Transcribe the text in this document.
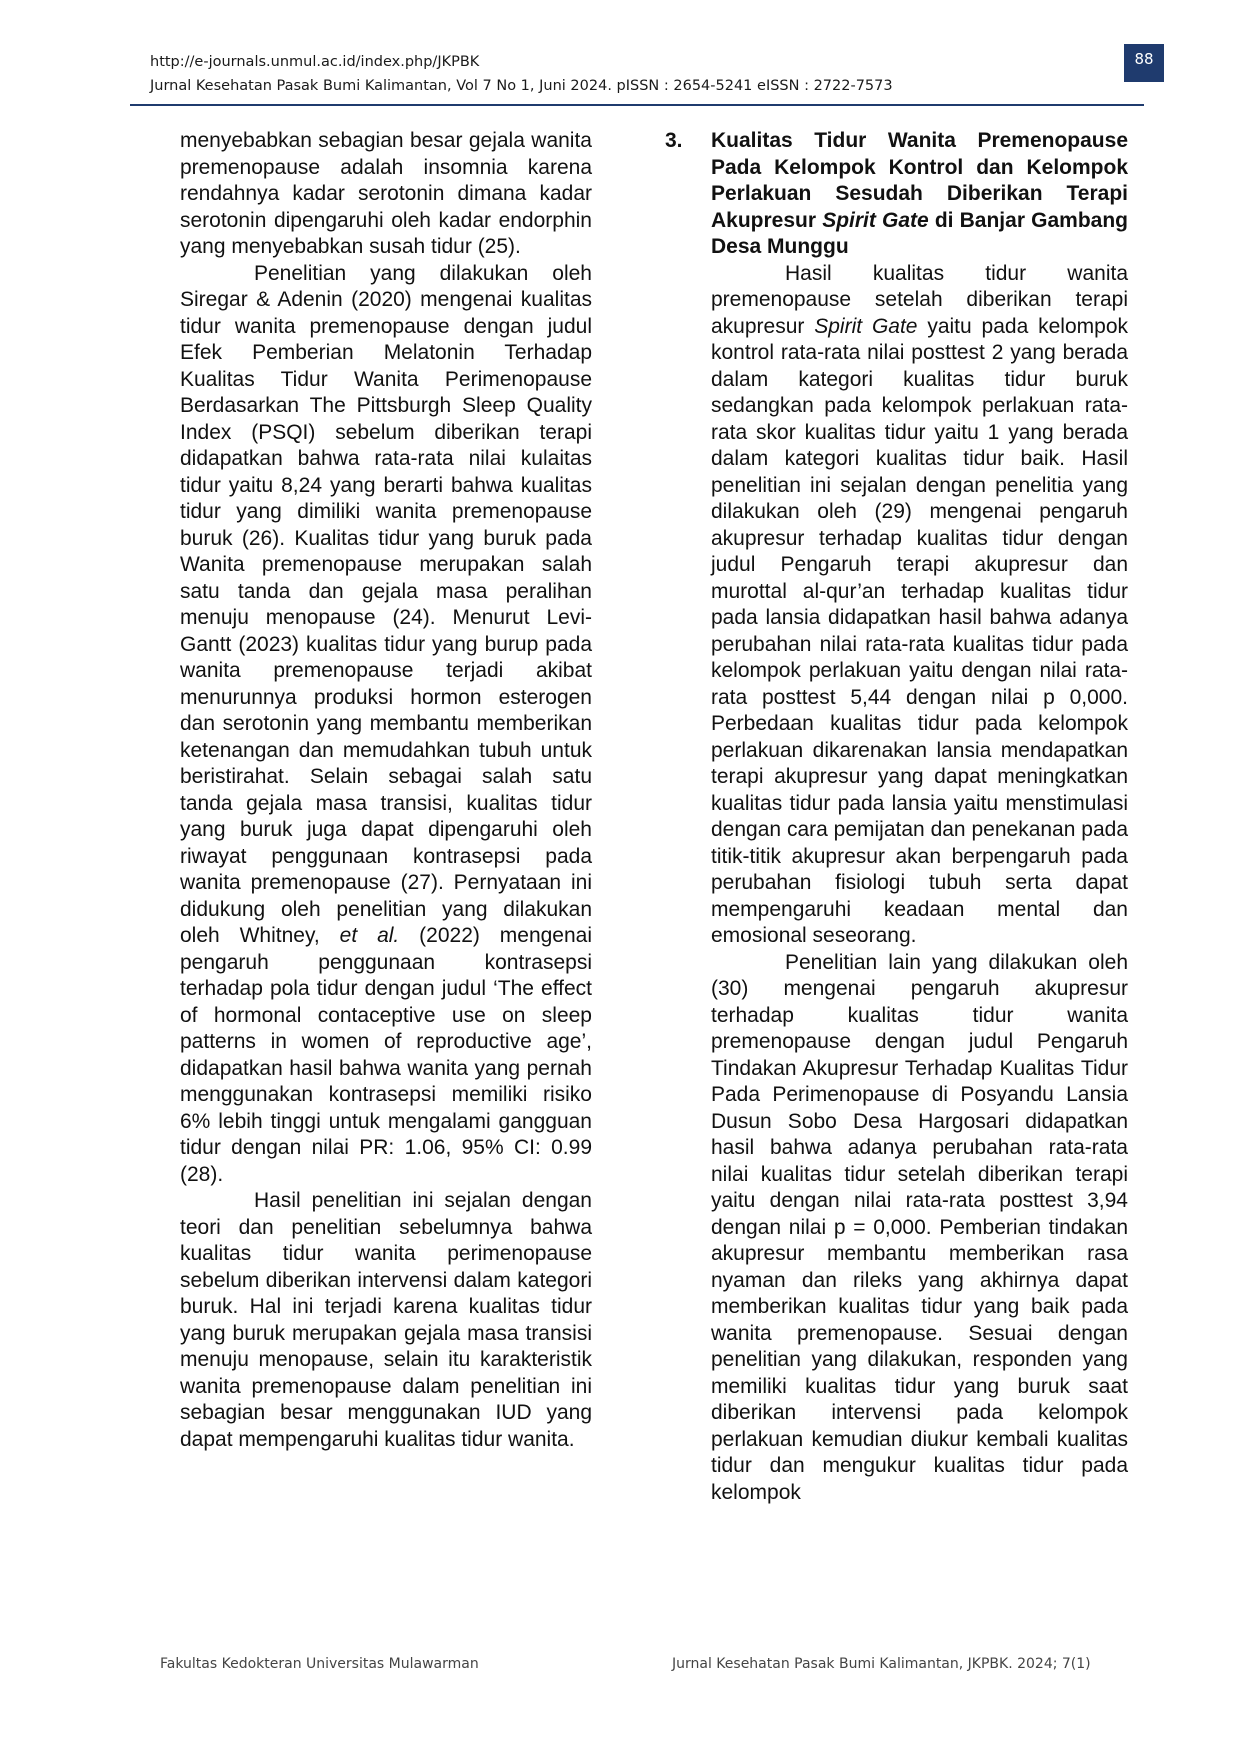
http://e-journals.unmul.ac.id/index.php/JKPBK
Jurnal Kesehatan Pasak Bumi Kalimantan, Vol 7 No 1, Juni 2024. pISSN : 2654-5241 eISSN : 2722-7573
88

menyebabkan sebagian besar gejala wanita premenopause adalah insomnia karena rendahnya kadar serotonin dimana kadar serotonin dipengaruhi oleh kadar endorphin yang menyebabkan susah tidur (25).

Penelitian yang dilakukan oleh Siregar & Adenin (2020) mengenai kualitas tidur wanita premenopause dengan judul Efek Pemberian Melatonin Terhadap Kualitas Tidur Wanita Perimenopause Berdasarkan The Pittsburgh Sleep Quality Index (PSQI) sebelum diberikan terapi didapatkan bahwa rata-rata nilai kulaitas tidur yaitu 8,24 yang berarti bahwa kualitas tidur yang dimiliki wanita premenopause buruk (26). Kualitas tidur yang buruk pada Wanita premenopause merupakan salah satu tanda dan gejala masa peralihan menuju menopause (24). Menurut Levi-Gantt (2023) kualitas tidur yang burup pada wanita premenopause terjadi akibat menurunnya produksi hormon esterogen dan serotonin yang membantu memberikan ketenangan dan memudahkan tubuh untuk beristirahat. Selain sebagai salah satu tanda gejala masa transisi, kualitas tidur yang buruk juga dapat dipengaruhi oleh riwayat penggunaan kontrasepsi pada wanita premenopause (27). Pernyataan ini didukung oleh penelitian yang dilakukan oleh Whitney, et al. (2022) mengenai pengaruh penggunaan kontrasepsi terhadap pola tidur dengan judul ‘The effect of hormonal contaceptive use on sleep patterns in women of reproductive age’, didapatkan hasil bahwa wanita yang pernah menggunakan kontrasepsi memiliki risiko 6% lebih tinggi untuk mengalami gangguan tidur dengan nilai PR: 1.06, 95% CI: 0.99 (28).

Hasil penelitian ini sejalan dengan teori dan penelitian sebelumnya bahwa kualitas tidur wanita perimenopause sebelum diberikan intervensi dalam kategori buruk. Hal ini terjadi karena kualitas tidur yang buruk merupakan gejala masa transisi menuju menopause, selain itu karakteristik wanita premenopause dalam penelitian ini sebagian besar menggunakan IUD yang dapat mempengaruhi kualitas tidur wanita.

3. Kualitas Tidur Wanita Premenopause Pada Kelompok Kontrol dan Kelompok Perlakuan Sesudah Diberikan Terapi Akupresur Spirit Gate di Banjar Gambang Desa Munggu

Hasil kualitas tidur wanita premenopause setelah diberikan terapi akupresur Spirit Gate yaitu pada kelompok kontrol rata-rata nilai posttest 2 yang berada dalam kategori kualitas tidur buruk sedangkan pada kelompok perlakuan rata-rata skor kualitas tidur yaitu 1 yang berada dalam kategori kualitas tidur baik. Hasil penelitian ini sejalan dengan penelitia yang dilakukan oleh (29) mengenai pengaruh akupresur terhadap kualitas tidur dengan judul Pengaruh terapi akupresur dan murottal al-qur’an terhadap kualitas tidur pada lansia didapatkan hasil bahwa adanya perubahan nilai rata-rata kualitas tidur pada kelompok perlakuan yaitu dengan nilai rata-rata posttest 5,44 dengan nilai p 0,000. Perbedaan kualitas tidur pada kelompok perlakuan dikarenakan lansia mendapatkan terapi akupresur yang dapat meningkatkan kualitas tidur pada lansia yaitu menstimulasi dengan cara pemijatan dan penekanan pada titik-titik akupresur akan berpengaruh pada perubahan fisiologi tubuh serta dapat mempengaruhi keadaan mental dan emosional seseorang.

Penelitian lain yang dilakukan oleh (30) mengenai pengaruh akupresur terhadap kualitas tidur wanita premenopause dengan judul Pengaruh Tindakan Akupresur Terhadap Kualitas Tidur Pada Perimenopause di Posyandu Lansia Dusun Sobo Desa Hargosari didapatkan hasil bahwa adanya perubahan rata-rata nilai kualitas tidur setelah diberikan terapi yaitu dengan nilai rata-rata posttest 3,94 dengan nilai p = 0,000. Pemberian tindakan akupresur membantu memberikan rasa nyaman dan rileks yang akhirnya dapat memberikan kualitas tidur yang baik pada wanita premenopause. Sesuai dengan penelitian yang dilakukan, responden yang memiliki kualitas tidur yang buruk saat diberikan intervensi pada kelompok perlakuan kemudian diukur kembali kualitas tidur dan mengukur kualitas tidur pada kelompok

Fakultas Kedokteran Universitas Mulawarman	Jurnal Kesehatan Pasak Bumi Kalimantan, JKPBK. 2024; 7(1)
